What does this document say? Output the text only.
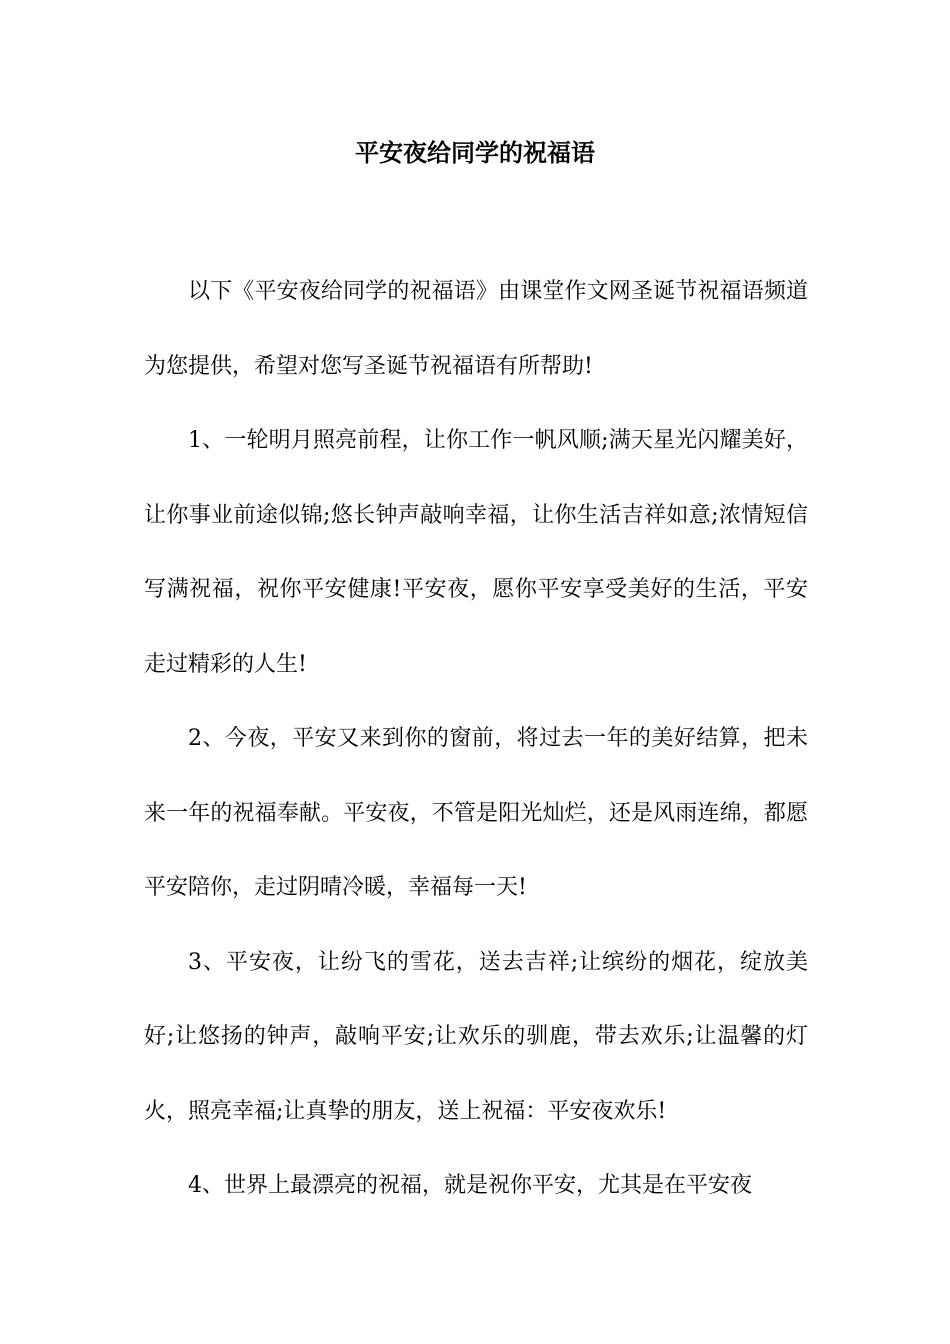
平安夜给同学的祝福语

以下《平安夜给同学的祝福语》由课堂作文网圣诞节祝福语频道为您提供，希望对您写圣诞节祝福语有所帮助!

1、一轮明月照亮前程，让你工作一帆风顺;满天星光闪耀美好，让你事业前途似锦;悠长钟声敲响幸福，让你生活吉祥如意;浓情短信写满祝福，祝你平安健康!平安夜，愿你平安享受美好的生活，平安走过精彩的人生!

2、今夜，平安又来到你的窗前，将过去一年的美好结算，把未来一年的祝福奉献。平安夜，不管是阳光灿烂，还是风雨连绵，都愿平安陪你，走过阴晴冷暖，幸福每一天!

3、平安夜，让纷飞的雪花，送去吉祥;让缤纷的烟花，绽放美好;让悠扬的钟声，敲响平安;让欢乐的驯鹿，带去欢乐;让温馨的灯火，照亮幸福;让真挚的朋友，送上祝福：平安夜欢乐!

4、世界上最漂亮的祝福，就是祝你平安，尤其是在平安夜
